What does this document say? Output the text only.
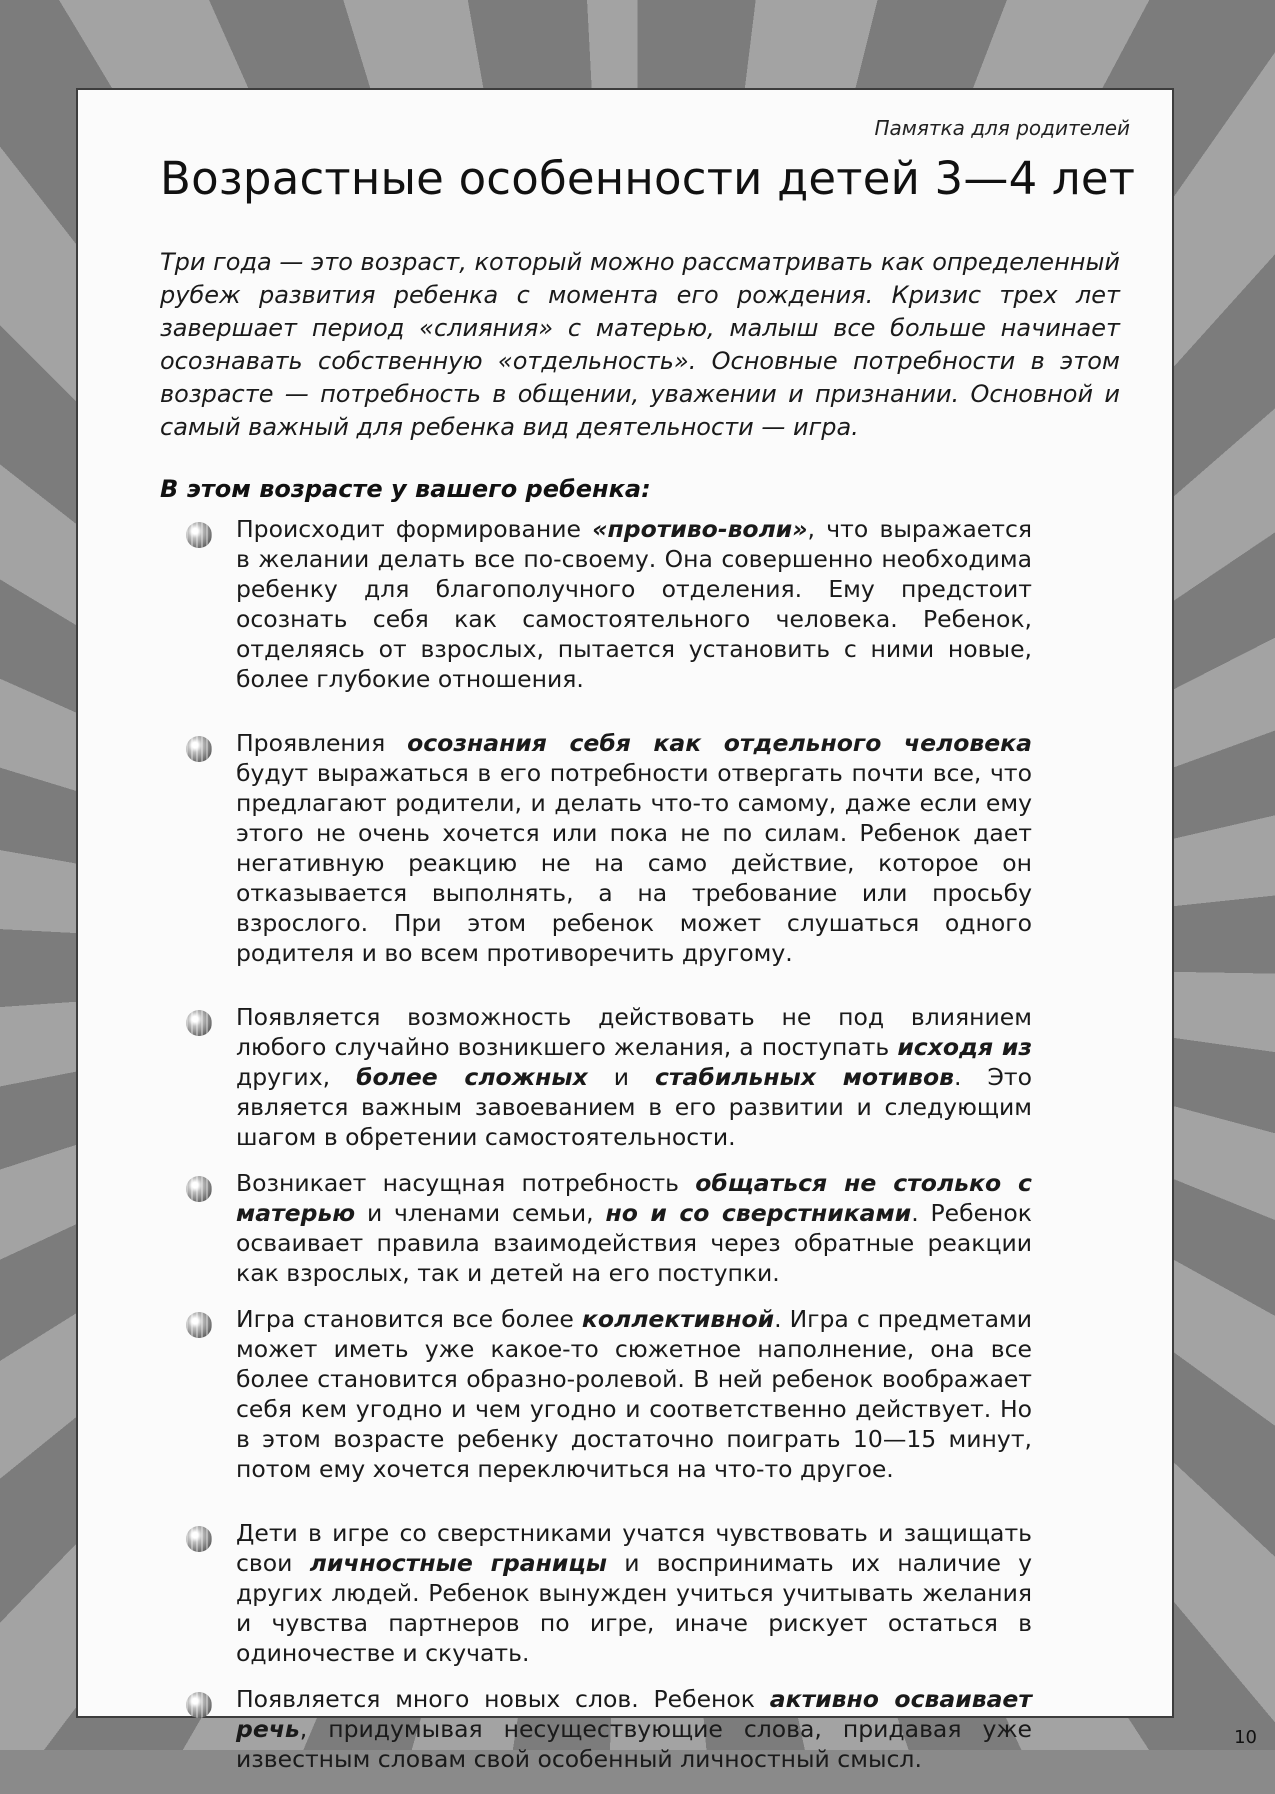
Памятка для родителей
Возрастные особенности детей 3—4 лет

Три года — это возраст, который можно рассматривать как определенный рубеж развития ребенка с момента его рождения. Кризис трех лет завершает период «слияния» с матерью, малыш все больше начинает осознавать собственную «отдельность». Основные потребности в этом возрасте — потребность в общении, уважении и признании. Основной и самый важный для ребенка вид деятельности — игра.

В этом возрасте у вашего ребенка:
Происходит формирование «противо-воли», что выражается в желании делать все по-своему. Она совершенно необходима ребенку для благополучного отделения. Ему предстоит осознать себя как самостоятельного человека. Ребенок, отделяясь от взрослых, пытается установить с ними новые, более глубокие отношения.
Проявления осознания себя как отдельного человека будут выражаться в его потребности отвергать почти все, что предлагают родители, и делать что-то самому, даже если ему этого не очень хочется или пока не по силам. Ребенок дает негативную реакцию не на само действие, которое он отказывается выполнять, а на требование или просьбу взрослого. При этом ребенок может слушаться одного родителя и во всем противоречить другому.
Появляется возможность действовать не под влиянием любого случайно возникшего желания, а поступать исходя из других, более сложных и стабильных мотивов. Это является важным завоеванием в его развитии и следующим шагом в обретении самостоятельности.
Возникает насущная потребность общаться не столько с матерью и членами семьи, но и со сверстниками. Ребенок осваивает правила взаимодействия через обратные реакции как взрослых, так и детей на его поступки.
Игра становится все более коллективной. Игра с предметами может иметь уже какое-то сюжетное наполнение, она все более становится образно-ролевой. В ней ребенок воображает себя кем угодно и чем угодно и соответственно действует. Но в этом возрасте ребенку достаточно поиграть 10—15 минут, потом ему хочется переключиться на что-то другое.
Дети в игре со сверстниками учатся чувствовать и защищать свои личностные границы и воспринимать их наличие у других людей. Ребенок вынужден учиться учитывать желания и чувства партнеров по игре, иначе рискует остаться в одиночестве и скучать.
Появляется много новых слов. Ребенок активно осваивает речь, придумывая несуществующие слова, придавая уже известным словам свой особенный личностный смысл.
10
